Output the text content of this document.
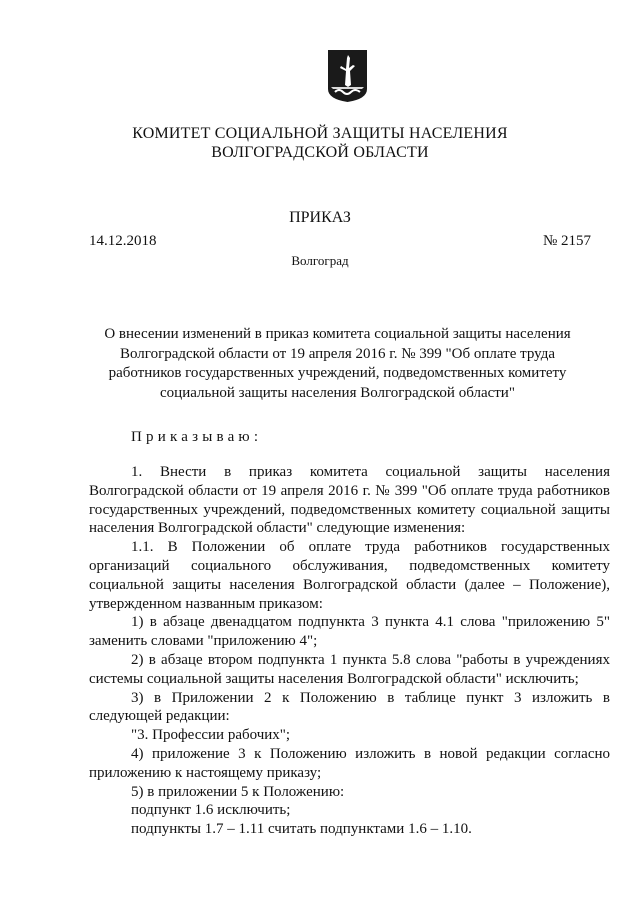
КОМИТЕТ СОЦИАЛЬНОЙ ЗАЩИТЫ НАСЕЛЕНИЯ
ВОЛГОГРАДСКОЙ ОБЛАСТИ
ПРИКАЗ
14.12.2018	№ 2157
Волгоград
О внесении изменений в приказ комитета социальной защиты населения Волгоградской области от 19 апреля 2016 г. № 399 "Об оплате труда работников государственных учреждений, подведомственных комитету социальной защиты населения Волгоградской области"
Приказываю:

1. Внести в приказ комитета социальной защиты населения Волгоградской области от 19 апреля 2016 г. № 399 "Об оплате труда работников государственных учреждений, подведомственных комитету социальной защиты населения Волгоградской области" следующие изменения:

1.1. В Положении об оплате труда работников государственных организаций социального обслуживания, подведомственных комитету социальной защиты населения Волгоградской области (далее – Положение), утвержденном названным приказом:

1) в абзаце двенадцатом подпункта 3 пункта 4.1 слова "приложению 5" заменить словами "приложению 4";

2) в абзаце втором подпункта 1 пункта 5.8 слова "работы в учреждениях системы социальной защиты населения Волгоградской области" исключить;

3) в Приложении 2 к Положению в таблице пункт 3 изложить в следующей редакции:

"3. Профессии рабочих";

4) приложение 3 к Положению изложить в новой редакции согласно приложению к настоящему приказу;

5) в приложении 5 к Положению:

подпункт 1.6 исключить;

подпункты 1.7 – 1.11 считать подпунктами 1.6 – 1.10.
